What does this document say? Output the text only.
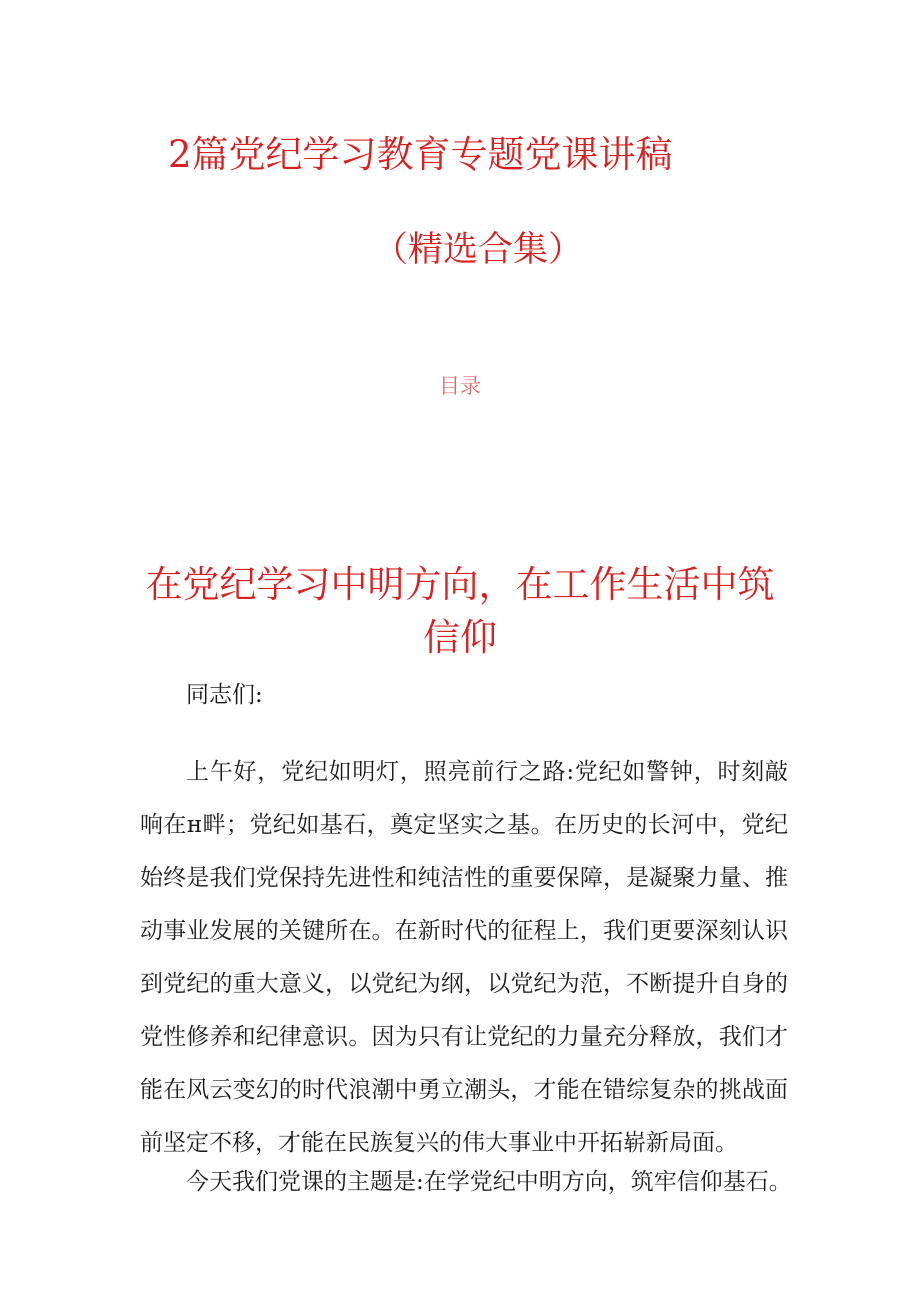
2篇党纪学习教育专题党课讲稿
（精选合集）
目录
在党纪学习中明方向，在工作生活中筑信仰

同志们:

上午好，党纪如明灯，照亮前行之路:党纪如警钟，时刻敲响在н畔；党纪如基石，奠定坚实之基。在历史的长河中，党纪始终是我们党保持先进性和纯洁性的重要保障，是凝聚力量、推动事业发展的关键所在。在新时代的征程上，我们更要深刻认识到党纪的重大意义，以党纪为纲，以党纪为范，不断提升自身的党性修养和纪律意识。因为只有让党纪的力量充分释放，我们才能在风云变幻的时代浪潮中勇立潮头，才能在错综复杂的挑战面前坚定不移，才能在民族复兴的伟大事业中开拓崭新局面。

今天我们党课的主题是:在学党纪中明方向，筑牢信仰基石。
